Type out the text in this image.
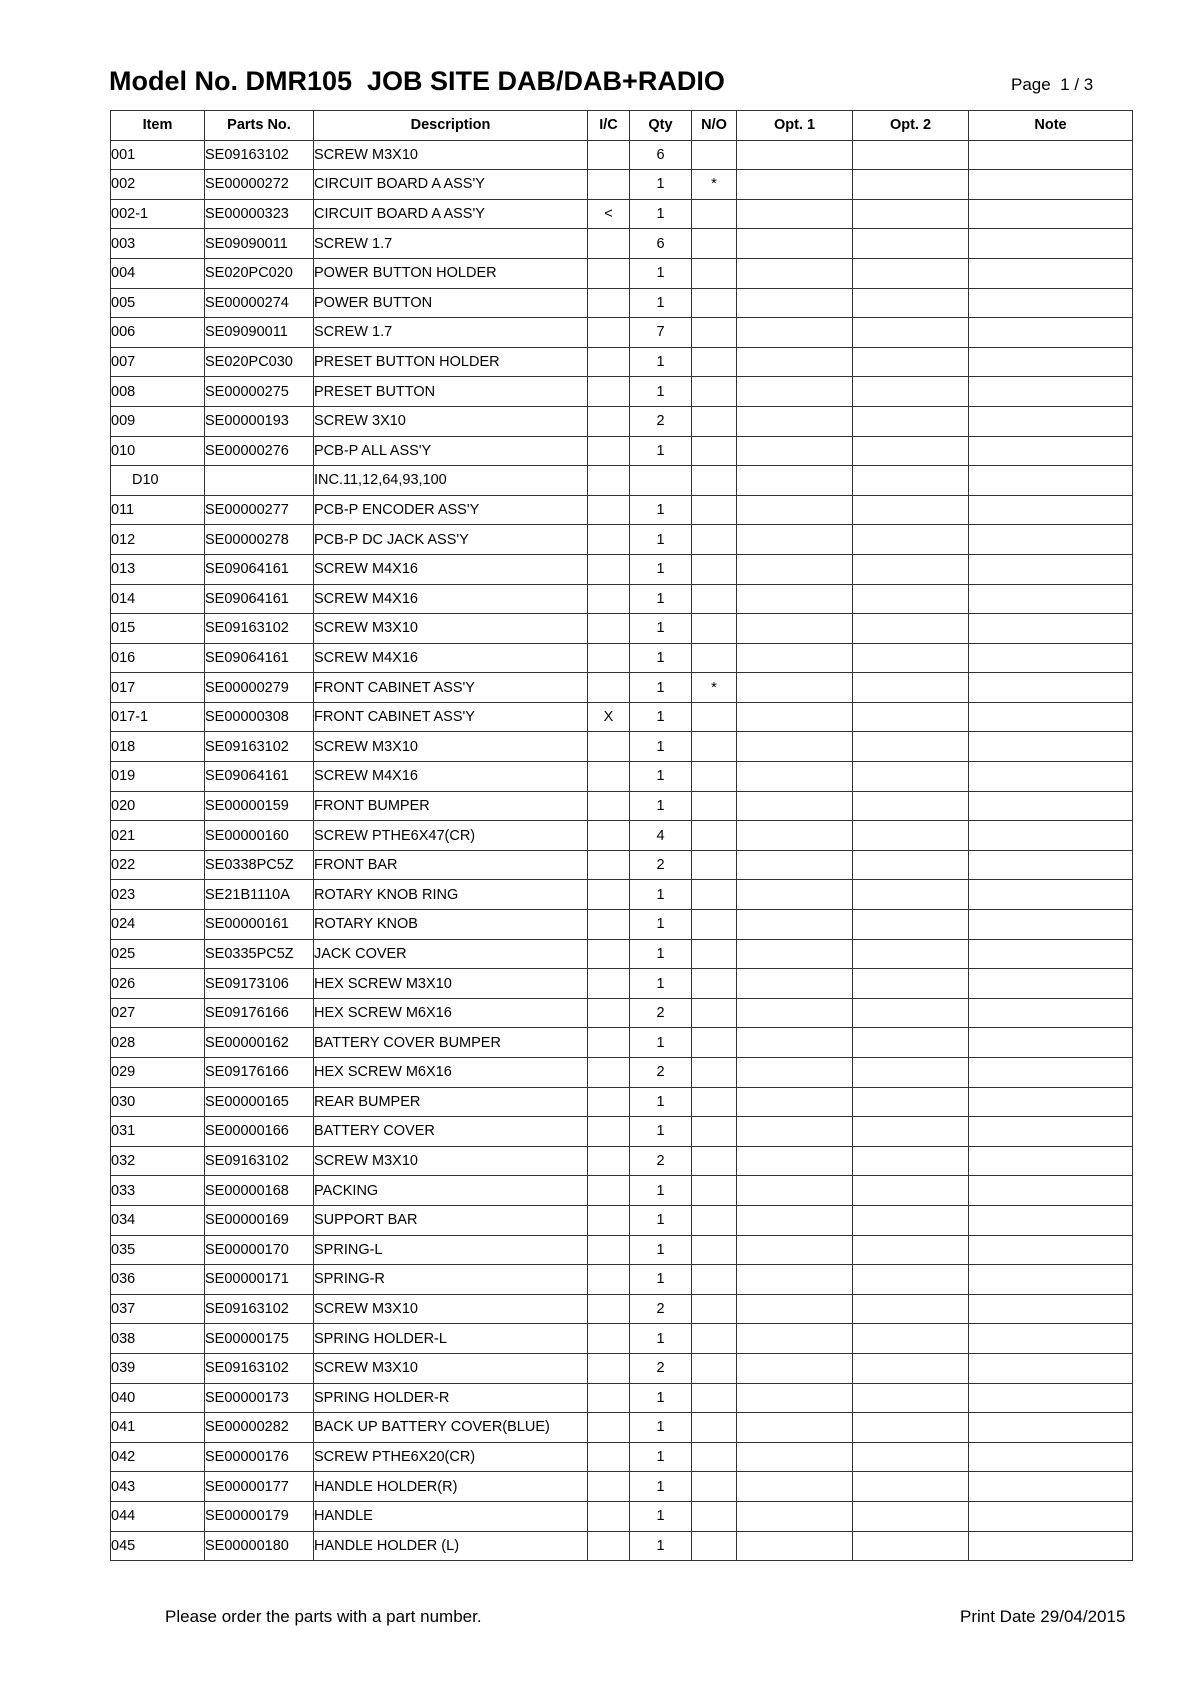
Model No. DMR105  JOB SITE DAB/DAB+RADIO	Page  1 / 3
Item	Parts No.	Description	I/C	Qty	N/O	Opt. 1	Opt. 2	Note
001	SE09163102	SCREW M3X10		6				
002	SE00000272	CIRCUIT BOARD A ASS'Y		1	*			
002-1	SE00000323	CIRCUIT BOARD A ASS'Y	<	1				
003	SE09090011	SCREW 1.7		6				
004	SE020PC020	POWER BUTTON HOLDER		1				
005	SE00000274	POWER BUTTON		1				
006	SE09090011	SCREW 1.7		7				
007	SE020PC030	PRESET BUTTON HOLDER		1				
008	SE00000275	PRESET BUTTON		1				
009	SE00000193	SCREW 3X10		2				
010	SE00000276	PCB-P ALL ASS'Y		1				
D10		INC.11,12,64,93,100						
011	SE00000277	PCB-P ENCODER ASS'Y		1				
012	SE00000278	PCB-P DC JACK ASS'Y		1				
013	SE09064161	SCREW M4X16		1				
014	SE09064161	SCREW M4X16		1				
015	SE09163102	SCREW M3X10		1				
016	SE09064161	SCREW M4X16		1				
017	SE00000279	FRONT CABINET ASS'Y		1	*			
017-1	SE00000308	FRONT CABINET ASS'Y	X	1				
018	SE09163102	SCREW M3X10		1				
019	SE09064161	SCREW M4X16		1				
020	SE00000159	FRONT BUMPER		1				
021	SE00000160	SCREW PTHE6X47(CR)		4				
022	SE0338PC5Z	FRONT BAR		2				
023	SE21B1110A	ROTARY KNOB RING		1				
024	SE00000161	ROTARY KNOB		1				
025	SE0335PC5Z	JACK COVER		1				
026	SE09173106	HEX SCREW M3X10		1				
027	SE09176166	HEX SCREW M6X16		2				
028	SE00000162	BATTERY COVER BUMPER		1				
029	SE09176166	HEX SCREW M6X16		2				
030	SE00000165	REAR BUMPER		1				
031	SE00000166	BATTERY COVER		1				
032	SE09163102	SCREW M3X10		2				
033	SE00000168	PACKING		1				
034	SE00000169	SUPPORT BAR		1				
035	SE00000170	SPRING-L		1				
036	SE00000171	SPRING-R		1				
037	SE09163102	SCREW M3X10		2				
038	SE00000175	SPRING HOLDER-L		1				
039	SE09163102	SCREW M3X10		2				
040	SE00000173	SPRING HOLDER-R		1				
041	SE00000282	BACK UP BATTERY COVER(BLUE)		1				
042	SE00000176	SCREW PTHE6X20(CR)		1				
043	SE00000177	HANDLE HOLDER(R)		1				
044	SE00000179	HANDLE		1				
045	SE00000180	HANDLE HOLDER (L)		1				
Please order the parts with a part number.	Print Date 29/04/2015
